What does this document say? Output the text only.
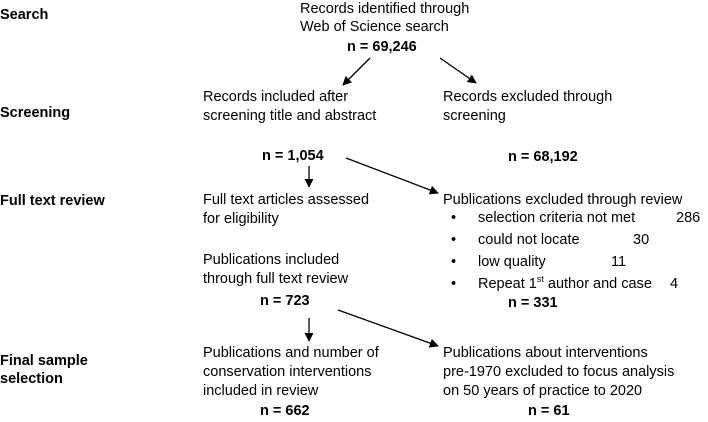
Search
Screening
Full text review
Final sample
selection
Records identified through
Web of Science search
n = 69,246
Records included after
screening title and abstract
n = 1,054
Records excluded through
screening
n = 68,192
Full text articles assessed
for eligibility
Publications included
through full text review
n = 723
Publications excluded through review
• selection criteria not met	286
• could not locate	30
• low quality	11
• Repeat 1st author and case 4
n = 331
Publications and number of
conservation interventions
included in review
n = 662
Publications about interventions
pre-1970 excluded to focus analysis
on 50 years of practice to 2020
n = 61
